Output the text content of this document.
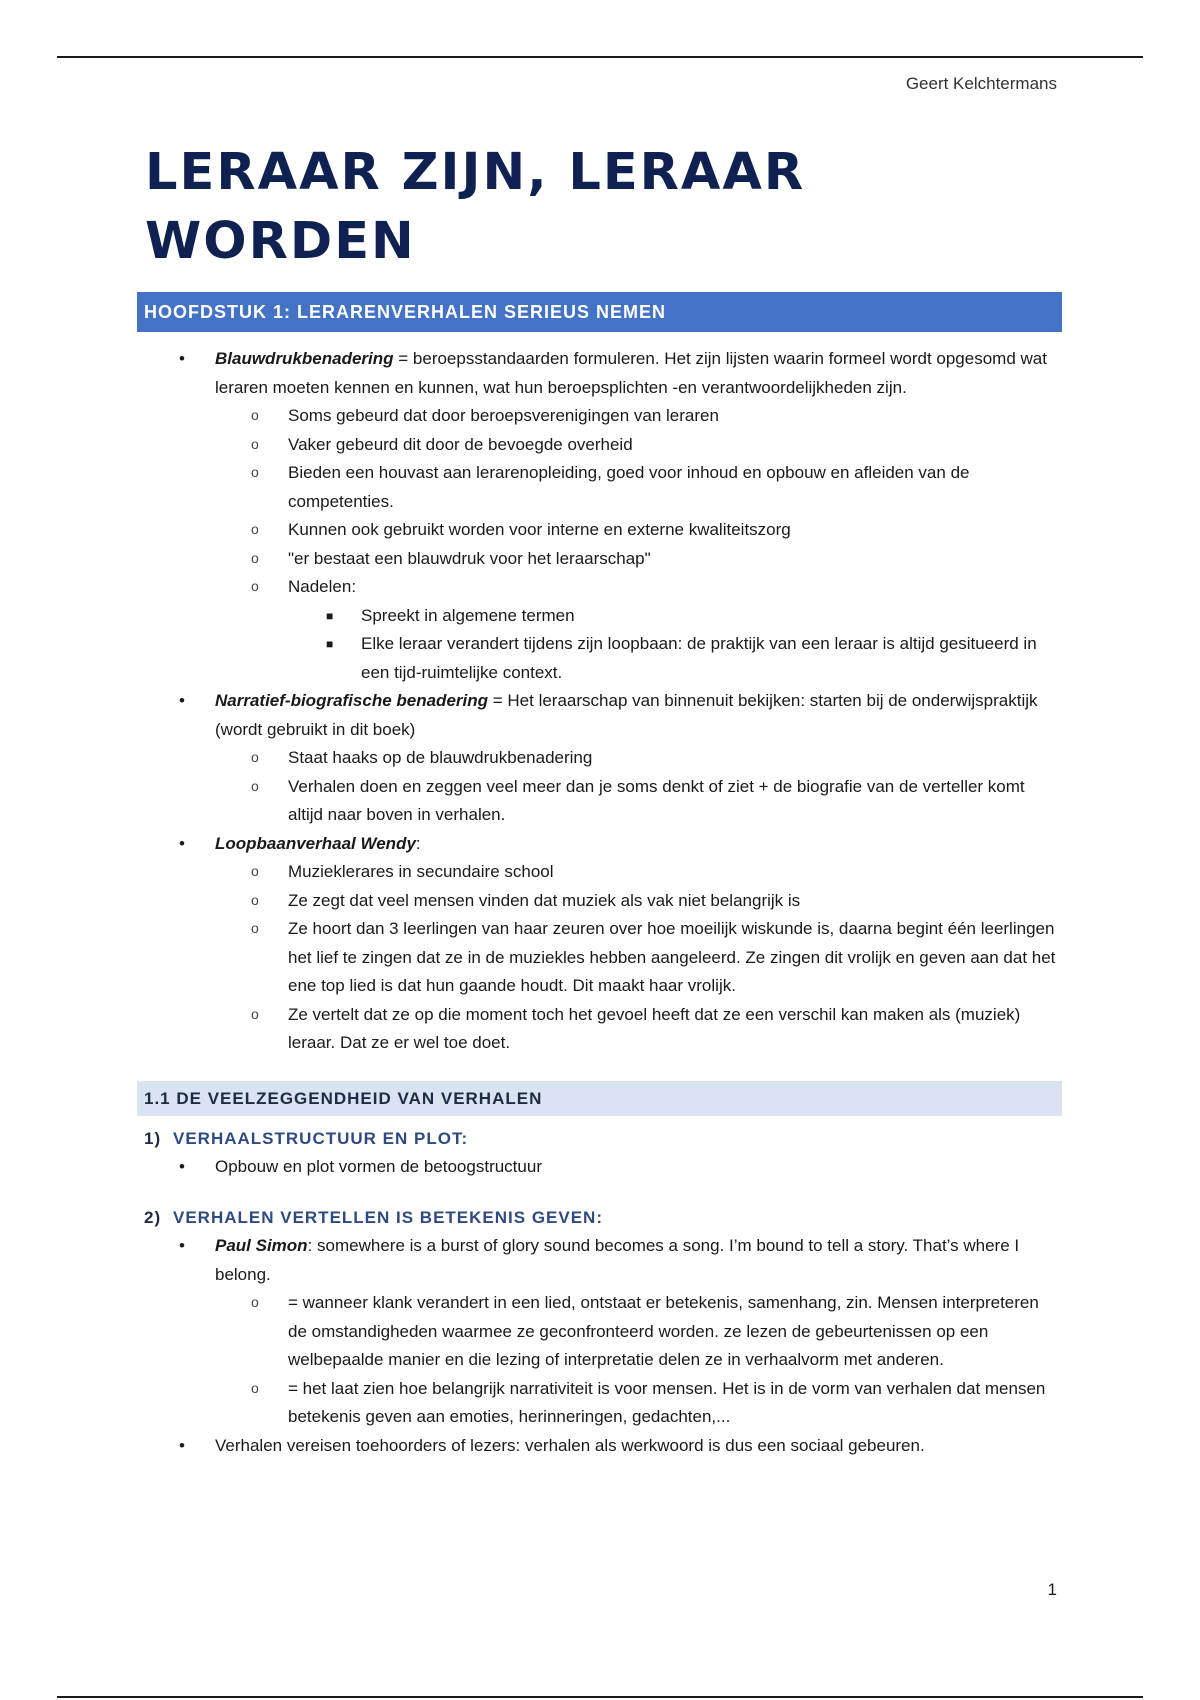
Geert Kelchtermans
LERAAR ZIJN, LERAAR
WORDEN
HOOFDSTUK 1: LERARENVERHALEN SERIEUS NEMEN
• Blauwdrukbenadering = beroepsstandaarden formuleren. Het zijn lijsten waarin formeel wordt opgesomd wat leraren moeten kennen en kunnen, wat hun beroepsplichten -en verantwoordelijkheden zijn.
o Soms gebeurd dat door beroepsverenigingen van leraren
o Vaker gebeurd dit door de bevoegde overheid
o Bieden een houvast aan lerarenopleiding, goed voor inhoud en opbouw en afleiden van de competenties.
o Kunnen ook gebruikt worden voor interne en externe kwaliteitszorg
o "er bestaat een blauwdruk voor het leraarschap"
o Nadelen:
■ Spreekt in algemene termen
■ Elke leraar verandert tijdens zijn loopbaan: de praktijk van een leraar is altijd gesitueerd in een tijd-ruimtelijke context.
• Narratief-biografische benadering = Het leraarschap van binnenuit bekijken: starten bij de onderwijspraktijk (wordt gebruikt in dit boek)
o Staat haaks op de blauwdrukbenadering
o Verhalen doen en zeggen veel meer dan je soms denkt of ziet + de biografie van de verteller komt altijd naar boven in verhalen.
• Loopbaanverhaal Wendy:
o Muzieklerares in secundaire school
o Ze zegt dat veel mensen vinden dat muziek als vak niet belangrijk is
o Ze hoort dan 3 leerlingen van haar zeuren over hoe moeilijk wiskunde is, daarna begint één leerlingen het lief te zingen dat ze in de muziekles hebben aangeleerd. Ze zingen dit vrolijk en geven aan dat het ene top lied is dat hun gaande houdt. Dit maakt haar vrolijk.
o Ze vertelt dat ze op die moment toch het gevoel heeft dat ze een verschil kan maken als (muziek) leraar. Dat ze er wel toe doet.
1.1 DE VEELZEGGENDHEID VAN VERHALEN
1) VERHAALSTRUCTUUR EN PLOT:
• Opbouw en plot vormen de betoogstructuur
2) VERHALEN VERTELLEN IS BETEKENIS GEVEN:
• Paul Simon: somewhere is a burst of glory sound becomes a song. I’m bound to tell a story. That’s where I belong.
o = wanneer klank verandert in een lied, ontstaat er betekenis, samenhang, zin. Mensen interpreteren de omstandigheden waarmee ze geconfronteerd worden. ze lezen de gebeurtenissen op een welbepaalde manier en die lezing of interpretatie delen ze in verhaalvorm met anderen.
o = het laat zien hoe belangrijk narrativiteit is voor mensen. Het is in de vorm van verhalen dat mensen betekenis geven aan emoties, herinneringen, gedachten,...
• Verhalen vereisen toehoorders of lezers: verhalen als werkwoord is dus een sociaal gebeuren.
1
